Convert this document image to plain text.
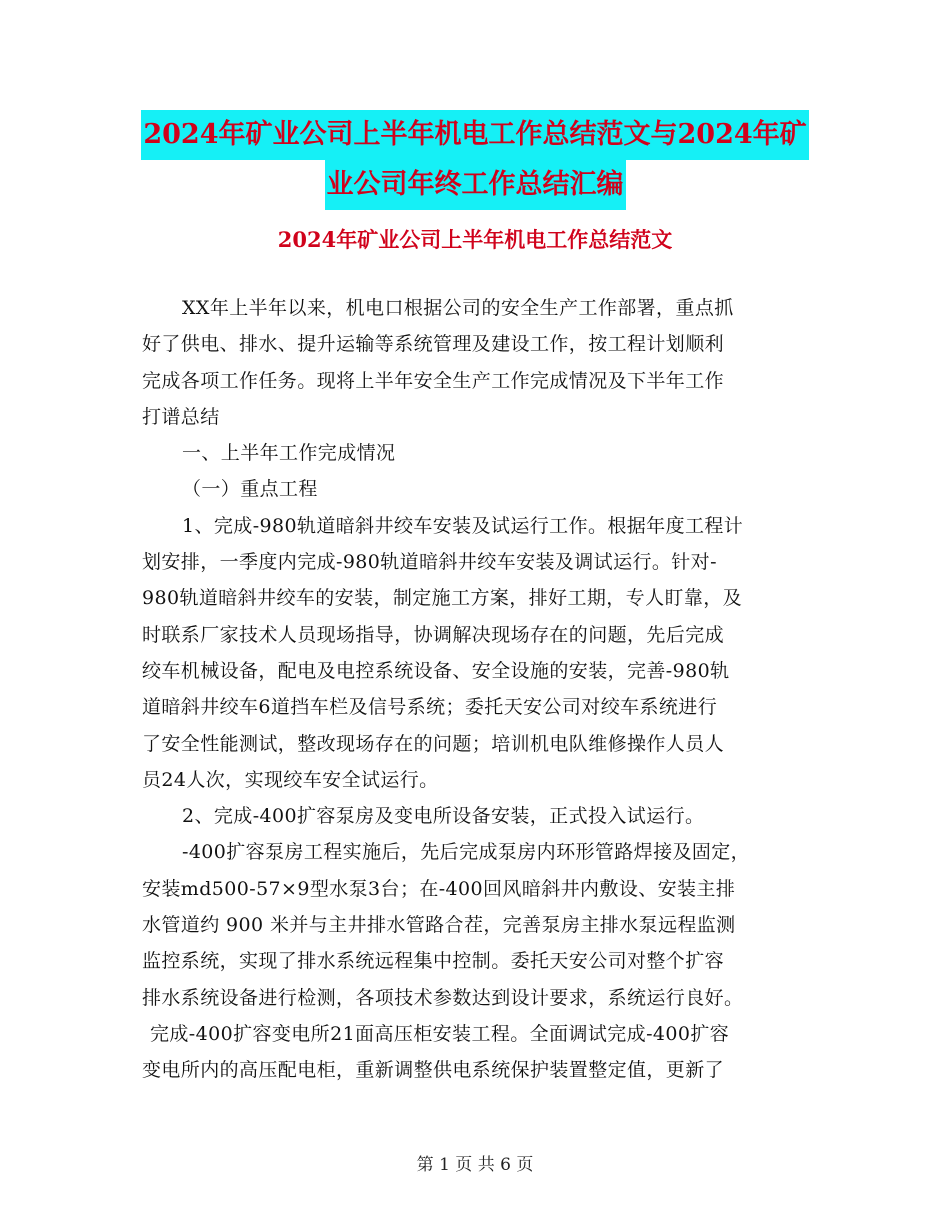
2024年矿业公司上半年机电工作总结范文与2024年矿
业公司年终工作总结汇编
2024年矿业公司上半年机电工作总结范文

XX年上半年以来，机电口根据公司的安全生产工作部署，重点抓

好了供电、排水、提升运输等系统管理及建设工作，按工程计划顺利

完成各项工作任务。现将上半年安全生产工作完成情况及下半年工作

打谱总结

一、上半年工作完成情况

（一）重点工程

1、完成-980轨道暗斜井绞车安装及试运行工作。根据年度工程计

划安排，一季度内完成-980轨道暗斜井绞车安装及调试运行。针对-

980轨道暗斜井绞车的安装，制定施工方案，排好工期，专人盯靠，及

时联系厂家技术人员现场指导，协调解决现场存在的问题，先后完成

绞车机械设备，配电及电控系统设备、安全设施的安装，完善-980轨

道暗斜井绞车6道挡车栏及信号系统；委托天安公司对绞车系统进行

了安全性能测试，整改现场存在的问题；培训机电队维修操作人员人

员24人次，实现绞车安全试运行。

2、完成-400扩容泵房及变电所设备安装，正式投入试运行。

-400扩容泵房工程实施后，先后完成泵房内环形管路焊接及固定，

安装md500-57×9型水泵3台；在-400回风暗斜井内敷设、安装主排

水管道约 900 米并与主井排水管路合茬，完善泵房主排水泵远程监测

监控系统，实现了排水系统远程集中控制。委托天安公司对整个扩容

排水系统设备进行检测，各项技术参数达到设计要求，系统运行良好。

完成-400扩容变电所21面高压柜安装工程。全面调试完成-400扩容

变电所内的高压配电柜，重新调整供电系统保护装置整定值，更新了

第 1 页 共 6 页
